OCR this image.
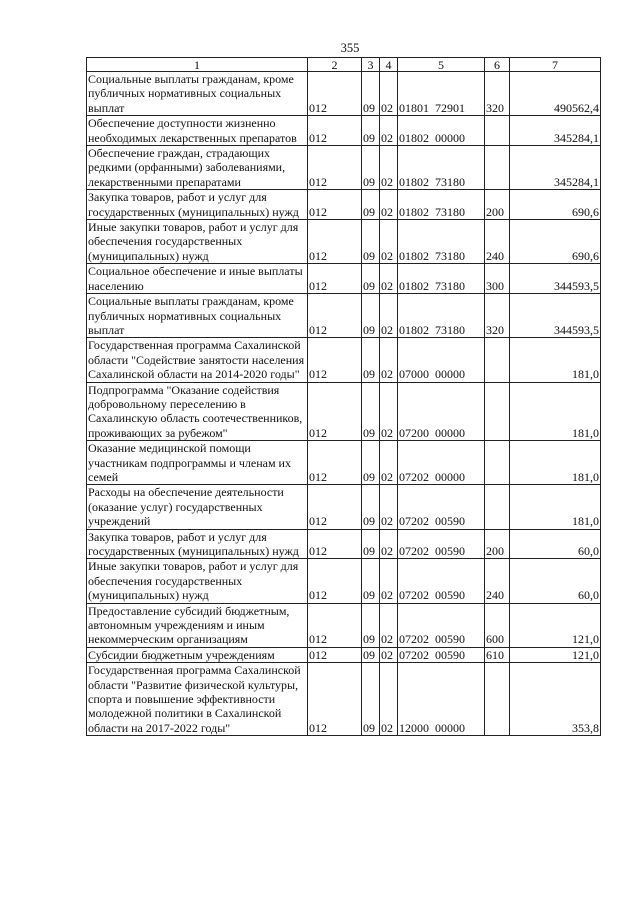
355
1	2	3	4	5	6	7
Социальные выплаты гражданам, кроме публичных нормативных социальных выплат	012	09	02	01801  72901	320	490562,4
Обеспечение доступности жизненно необходимых лекарственных препаратов	012	09	02	01802  00000		345284,1
Обеспечение граждан, страдающих редкими (орфанными) заболеваниями, лекарственными препаратами	012	09	02	01802  73180		345284,1
Закупка товаров, работ и услуг для государственных (муниципальных) нужд	012	09	02	01802  73180	200	690,6
Иные закупки товаров, работ и услуг для обеспечения государственных (муниципальных) нужд	012	09	02	01802  73180	240	690,6
Социальное обеспечение и иные выплаты населению	012	09	02	01802  73180	300	344593,5
Социальные выплаты гражданам, кроме публичных нормативных социальных выплат	012	09	02	01802  73180	320	344593,5
Государственная программа Сахалинской области "Содействие занятости населения Сахалинской области на 2014-2020 годы"	012	09	02	07000  00000		181,0
Подпрограмма "Оказание содействия добровольному переселению в Сахалинскую область соотечественников, проживающих за рубежом"	012	09	02	07200  00000		181,0
Оказание медицинской помощи участникам подпрограммы и членам их семей	012	09	02	07202  00000		181,0
Расходы на обеспечение деятельности (оказание услуг) государственных учреждений	012	09	02	07202  00590		181,0
Закупка товаров, работ и услуг для государственных (муниципальных) нужд	012	09	02	07202  00590	200	60,0
Иные закупки товаров, работ и услуг для обеспечения государственных (муниципальных) нужд	012	09	02	07202  00590	240	60,0
Предоставление субсидий бюджетным, автономным учреждениям и иным некоммерческим организациям	012	09	02	07202  00590	600	121,0
Субсидии бюджетным учреждениям	012	09	02	07202  00590	610	121,0
Государственная программа Сахалинской области "Развитие физической культуры, спорта и повышение эффективности молодежной политики в Сахалинской области на 2017-2022 годы"	012	09	02	12000  00000		353,8
